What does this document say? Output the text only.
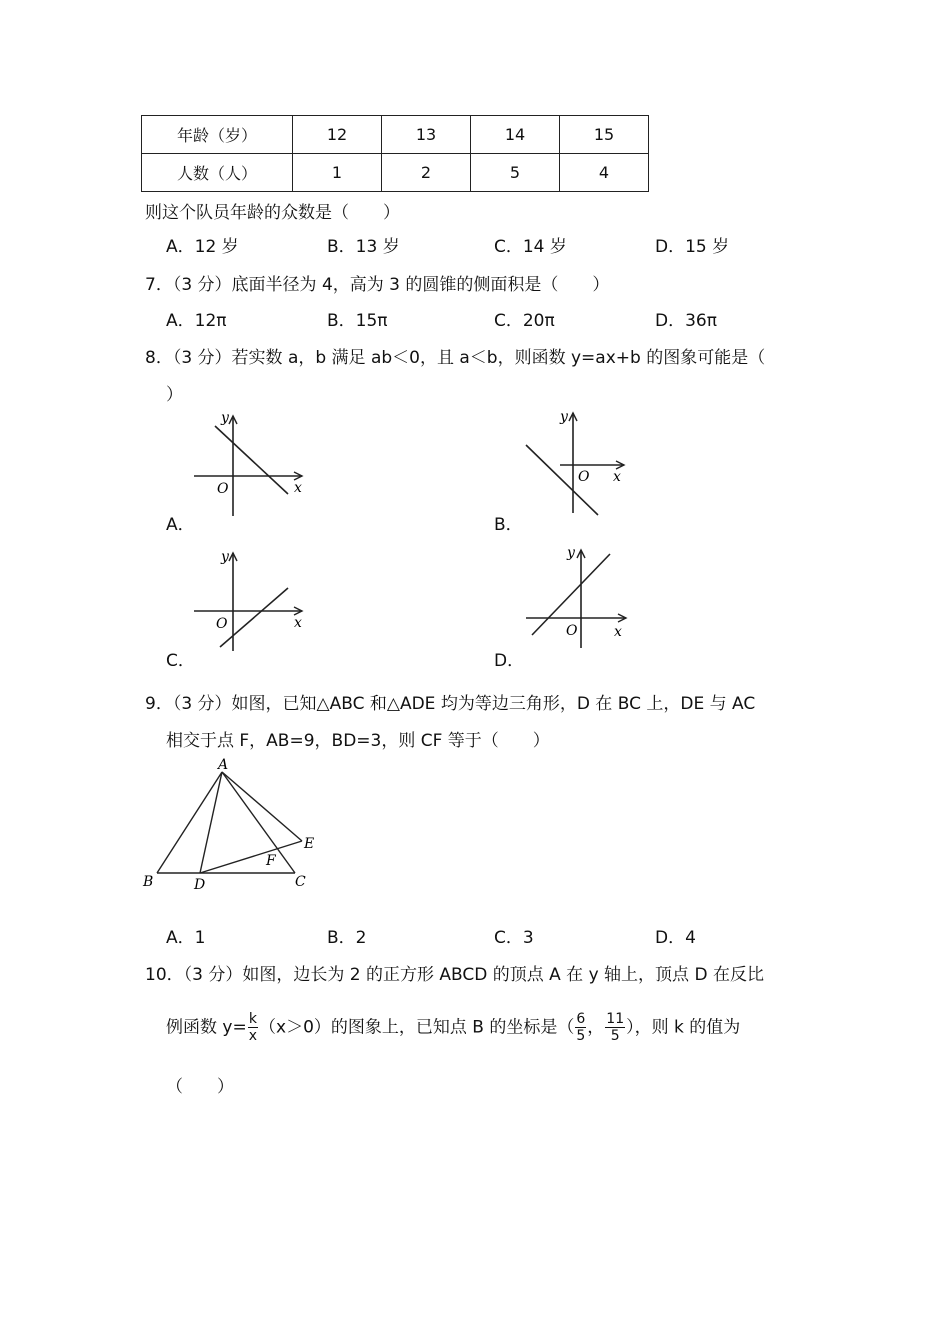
年龄（岁）	12	13	14	15
人数（人）	1	2	5	4
则这个队员年龄的众数是（　　）
A．12 岁	B．13 岁	C．14 岁	D．15 岁
7．（3 分）底面半径为 4，高为 3 的圆锥的侧面积是（　　）
A．12π	B．15π	C．20π	D．36π
8．（3 分）若实数 a，b 满足 ab＜0，且 a＜b，则函数 y=ax+b 的图象可能是（
）
y
x
O
A．
y
x
O
B．
y
x
O
C．
y
x
O
D．
9．（3 分）如图，已知△ABC 和△ADE 均为等边三角形，D 在 BC 上，DE 与 AC
相交于点 F，AB=9，BD=3，则 CF 等于（　　）
A
B	C
D
E
F
A．1	B．2	C．3	D．4
10．（3 分）如图，边长为 2 的正方形 ABCD 的顶点 A 在 y 轴上，顶点 D 在反比
例函数 $y= \frac{k}{x} (x>0)$的图象上，已知点 B 的坐标是（ $\frac{6}{5}$ ， $\frac{11}{5}$ ），则 k 的值为
（　　）
